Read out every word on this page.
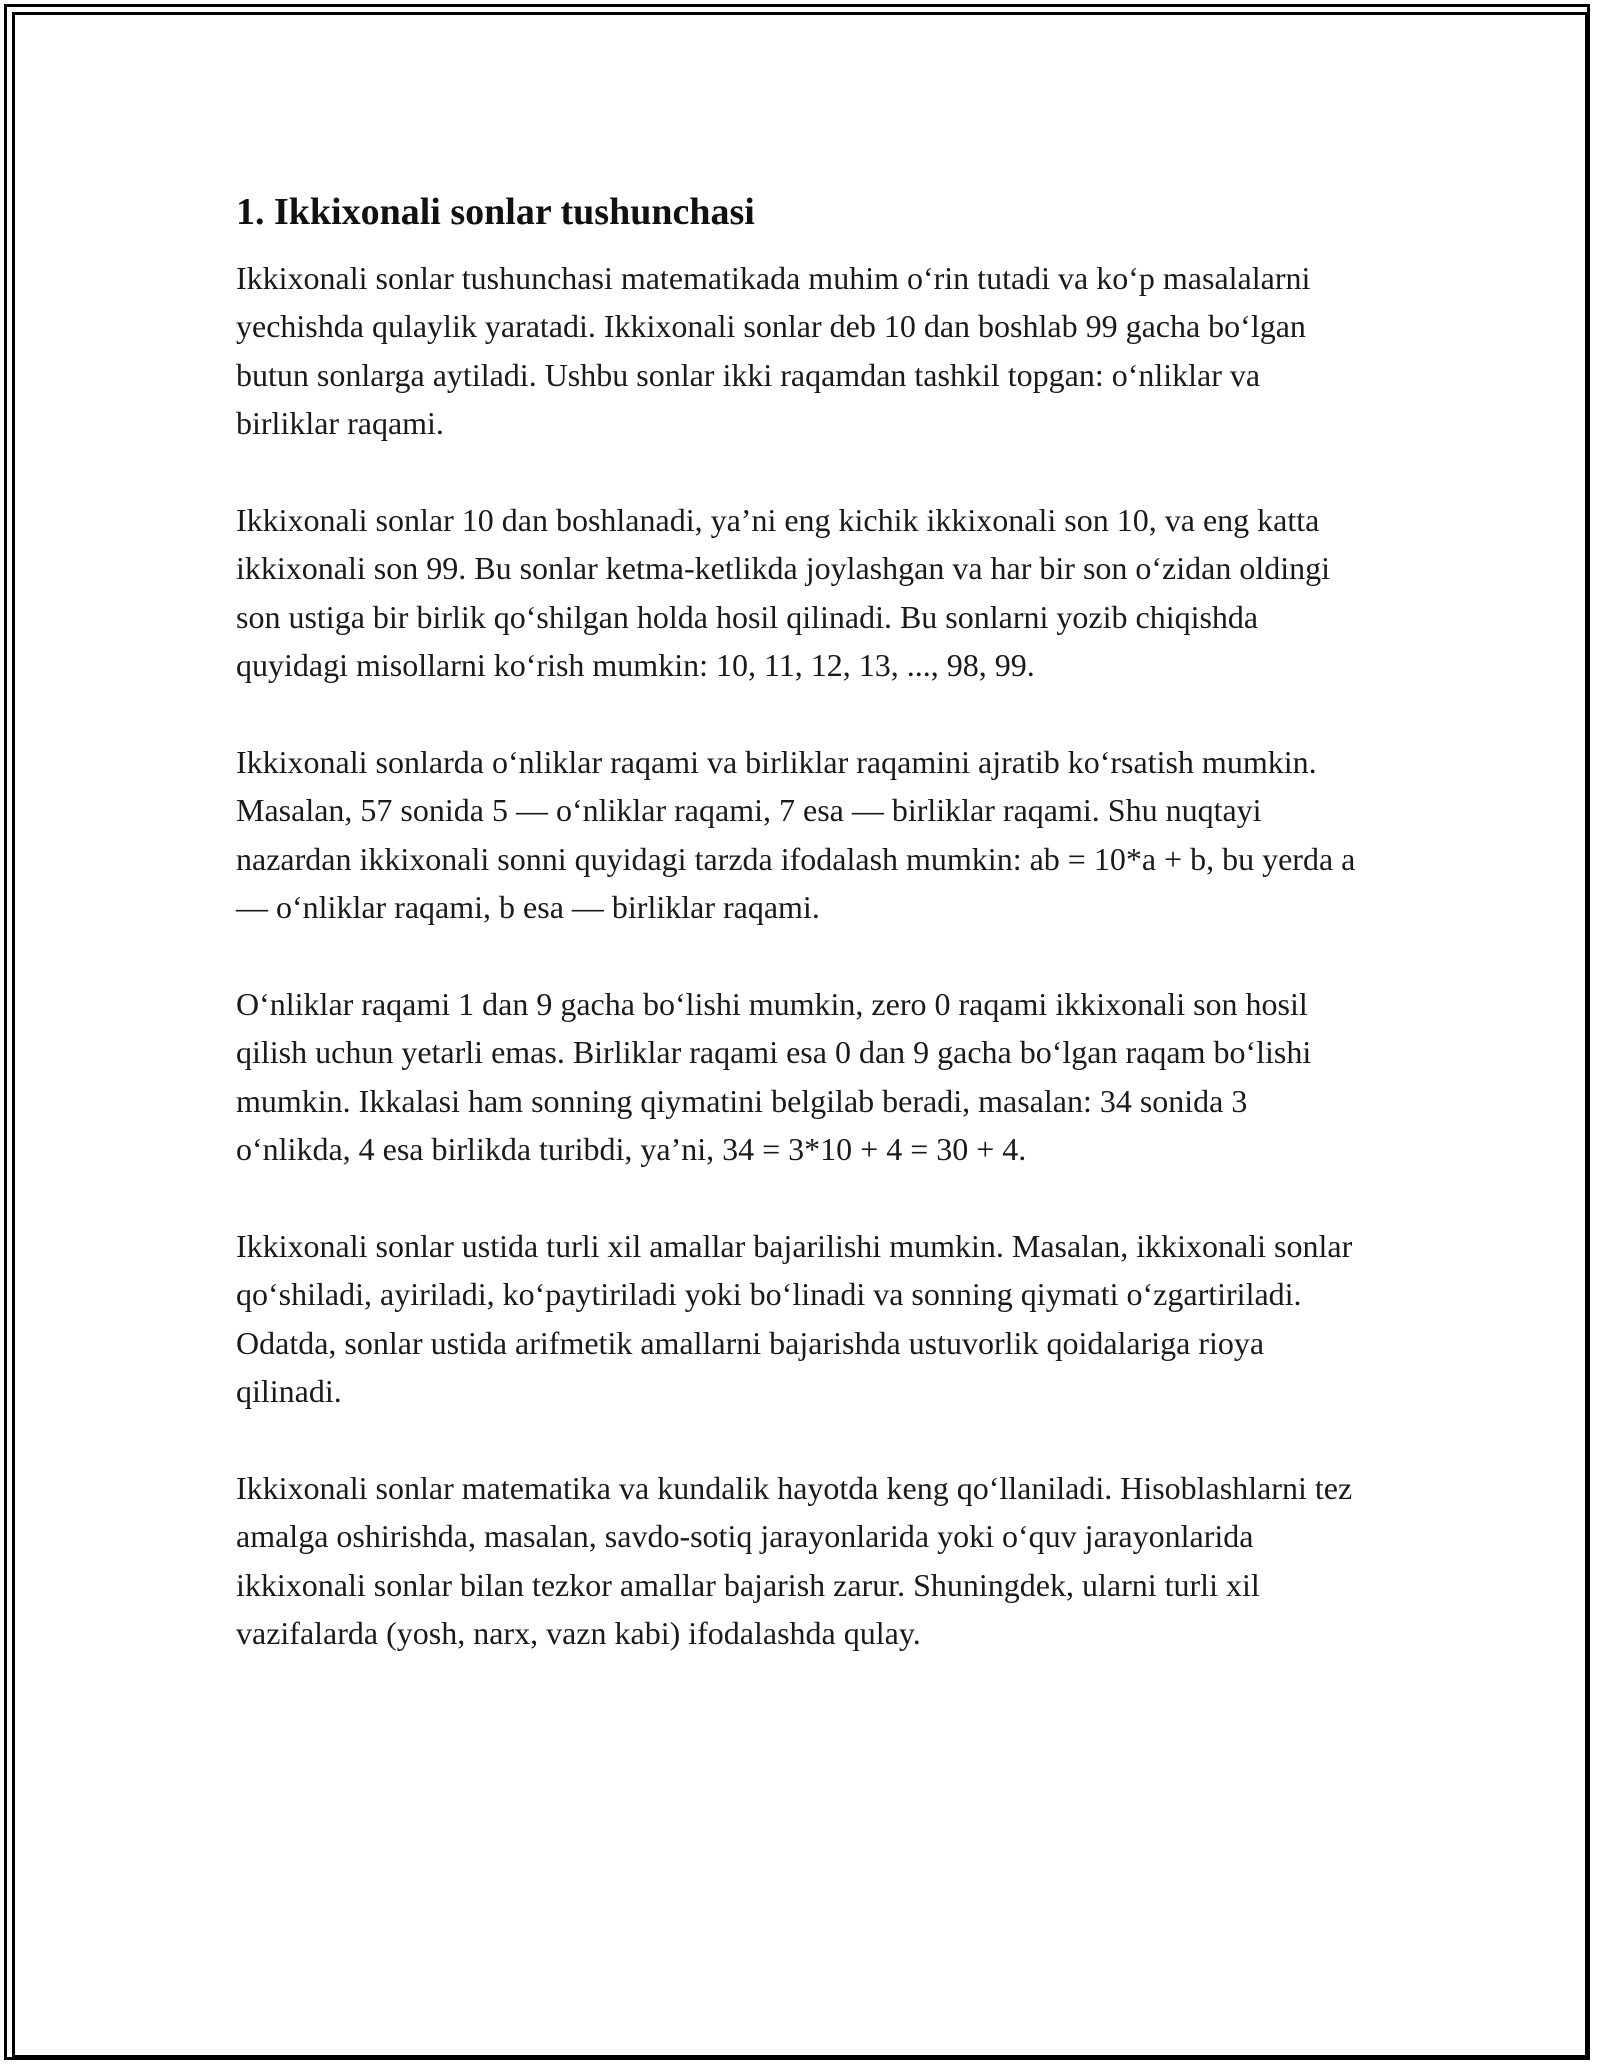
1. Ikkixonali sonlar tushunchasi

Ikkixonali sonlar tushunchasi matematikada muhim o‘rin tutadi va ko‘p masalalarni yechishda qulaylik yaratadi. Ikkixonali sonlar deb 10 dan boshlab 99 gacha bo‘lgan butun sonlarga aytiladi. Ushbu sonlar ikki raqamdan tashkil topgan: o‘nliklar va birliklar raqami.

Ikkixonali sonlar 10 dan boshlanadi, ya’ni eng kichik ikkixonali son 10, va eng katta ikkixonali son 99. Bu sonlar ketma-ketlikda joylashgan va har bir son o‘zidan oldingi son ustiga bir birlik qo‘shilgan holda hosil qilinadi. Bu sonlarni yozib chiqishda quyidagi misollarni ko‘rish mumkin: 10, 11, 12, 13, ..., 98, 99.

Ikkixonali sonlarda o‘nliklar raqami va birliklar raqamini ajratib ko‘rsatish mumkin. Masalan, 57 sonida 5 — o‘nliklar raqami, 7 esa — birliklar raqami. Shu nuqtayi nazardan ikkixonali sonni quyidagi tarzda ifodalash mumkin: ab = 10*a + b, bu yerda a — o‘nliklar raqami, b esa — birliklar raqami.

O‘nliklar raqami 1 dan 9 gacha bo‘lishi mumkin, zero 0 raqami ikkixonali son hosil qilish uchun yetarli emas. Birliklar raqami esa 0 dan 9 gacha bo‘lgan raqam bo‘lishi mumkin. Ikkalasi ham sonning qiymatini belgilab beradi, masalan: 34 sonida 3 o‘nlikda, 4 esa birlikda turibdi, ya’ni, 34 = 3*10 + 4 = 30 + 4.

Ikkixonali sonlar ustida turli xil amallar bajarilishi mumkin. Masalan, ikkixonali sonlar qo‘shiladi, ayiriladi, ko‘paytiriladi yoki bo‘linadi va sonning qiymati o‘zgartiriladi. Odatda, sonlar ustida arifmetik amallarni bajarishda ustuvorlik qoidalariga rioya qilinadi.

Ikkixonali sonlar matematika va kundalik hayotda keng qo‘llaniladi. Hisoblashlarni tez amalga oshirishda, masalan, savdo-sotiq jarayonlarida yoki o‘quv jarayonlarida ikkixonali sonlar bilan tezkor amallar bajarish zarur. Shuningdek, ularni turli xil vazifalarda (yosh, narx, vazn kabi) ifodalashda qulay.
